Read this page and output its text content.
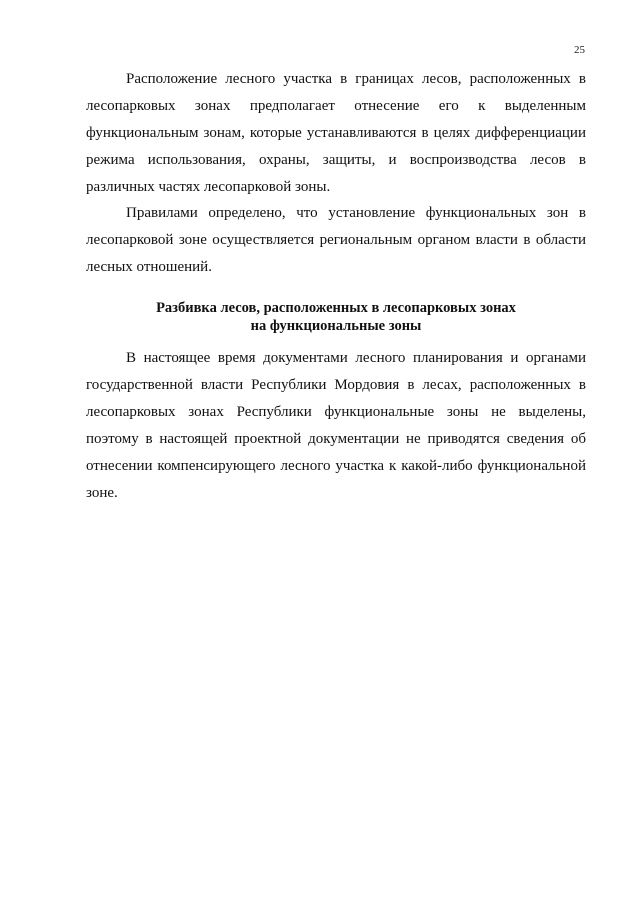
25

Расположение лесного участка в границах лесов, расположенных в лесопарковых зонах предполагает отнесение его к выделенным функциональным зонам, которые устанавливаются в целях дифференциации режима использования, охраны, защиты, и воспроизводства лесов в различных частях лесопарковой зоны.

Правилами определено, что установление функциональных зон в лесопарковой зоне осуществляется региональным органом власти в области лесных отношений.

Разбивка лесов, расположенных в лесопарковых зонах
на функциональные зоны

В настоящее время документами лесного планирования и органами государственной власти Республики Мордовия в лесах, расположенных в лесопарковых зонах Республики функциональные зоны не выделены, поэтому в настоящей проектной документации не приводятся сведения об отнесении компенсирующего лесного участка к какой-либо функциональной зоне.
